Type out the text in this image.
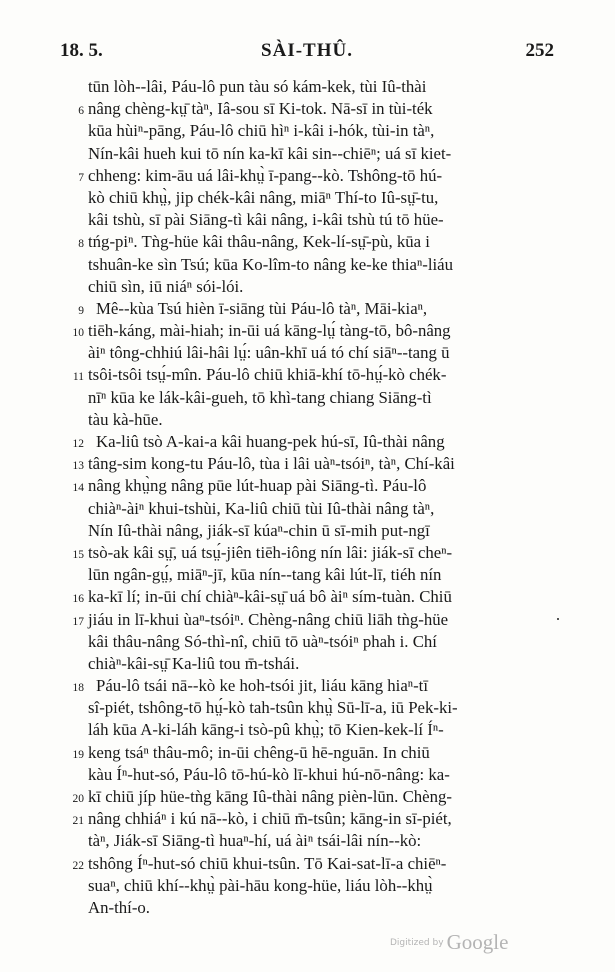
18. 5.	SÀI-THÛ.	252
tūn lòh--lâi, Páu-lô pun tàu só kám-kek, tùi Iû-thài
6 nâng chèng-kṳ̄ tàⁿ, Iâ-sou sī Ki-tok. Nā-sī in tùi-ték
kūa hùiⁿ-pāng, Páu-lô chiū hìⁿ i-kâi i-hók, tùi-in tàⁿ,
Nín-kâi hueh kui tō nín ka-kī kâi sin--chiēⁿ; uá sī kiet-
7 chheng: kim-āu uá lâi-khṳ̀ ī-pang--kò. Tshông-tō hú-
kò chiū khṳ̀, jip chék-kâi nâng, miāⁿ Thí-to Iû-sṳ̄-tu,
kâi tshù, sī pài Siāng-tì kâi nâng, i-kâi tshù tú tō hüe-
8 tńg-piⁿ. Tǹg-hüe kâi thâu-nâng, Kek-lí-sṳ̄-pù, kūa i
tshuân-ke sìn Tsú; kūa Ko-lîm-to nâng ke-ke thiaⁿ-liáu
chiū sìn, iū niáⁿ sói-lói.
9 Mê--kùa Tsú hièn ī-siāng tùi Páu-lô tàⁿ, Māi-kiaⁿ,
10 tiēh-káng, mài-hiah; in-ūi uá kāng-lṳ́ tàng-tō, bô-nâng
àiⁿ tông-chhiú lâi-hâi lṳ́: uân-khī uá tó chí siāⁿ--tang ū
11 tsôi-tsôi tsṳ́-mîn. Páu-lô chiū khiā-khí tō-hṳ́-kò chék-
nīⁿ kūa ke lák-kâi-gueh, tō khì-tang chiang Siāng-tì
tàu kà-hūe.
12 Ka-liû tsò A-kai-a kâi huang-pek hú-sī, Iû-thài nâng
13 tâng-sim kong-tu Páu-lô, tùa i lâi uàⁿ-tsóiⁿ, tàⁿ, Chí-kâi
14 nâng khṳ̀ng nâng pūe lút-huap pài Siāng-tì. Páu-lô
chiàⁿ-àiⁿ khui-tshùi, Ka-liû chiū tùi Iû-thài nâng tàⁿ,
Nín Iû-thài nâng, jiák-sī kúaⁿ-chin ū sī-mih put-ngī
15 tsò-ak kâi sṳ̄, uá tsṳ́-jiên tiēh-iông nín lâi: jiák-sī cheⁿ-
lūn ngân-gṳ́, miāⁿ-jī, kūa nín--tang kâi lút-lī, tiéh nín
16 ka-kī lí; in-ūi chí chiàⁿ-kâi-sṳ̄ uá bô àiⁿ sím-tuàn. Chiū
17 jiáu in lī-khui ùaⁿ-tsóiⁿ. Chèng-nâng chiū liāh tǹg-hüe
kâi thâu-nâng Só-thì-nî, chiū tō uàⁿ-tsóiⁿ phah i. Chí
chiàⁿ-kâi-sṳ̄ Ka-liû tou m̄-tshái.
18 Páu-lô tsái nā--kò ke hoh-tsói jit, liáu kāng hiaⁿ-tī
sî-piét, tshông-tō hṳ́-kò tah-tsûn khṳ̀ Sū-lī-a, iū Pek-ki-
láh kūa A-ki-láh kāng-i tsò-pû khṳ̀; tō Kien-kek-lí Íⁿ-
19 keng tsáⁿ thâu-mô; in-ūi chêng-ū hē-nguān. In chiū
kàu Íⁿ-hut-só, Páu-lô tō-hú-kò lī-khui hú-nō-nâng: ka-
20 kī chiū jíp hüe-tǹg kāng Iû-thài nâng pièn-lūn. Chèng-
21 nâng chhiáⁿ i kú nā--kò, i chiū m̄-tsûn; kāng-in sī-piét,
tàⁿ, Jiák-sī Siāng-tì huaⁿ-hí, uá àiⁿ tsái-lâi nín--kò:
22 tshông Íⁿ-hut-só chiū khui-tsûn. Tō Kai-sat-lī-a chiēⁿ-
suaⁿ, chiū khí--khṳ̀ pài-hāu kong-hüe, liáu lòh--khṳ̀
An-thí-o.
$^{Digitized by}$ Google
